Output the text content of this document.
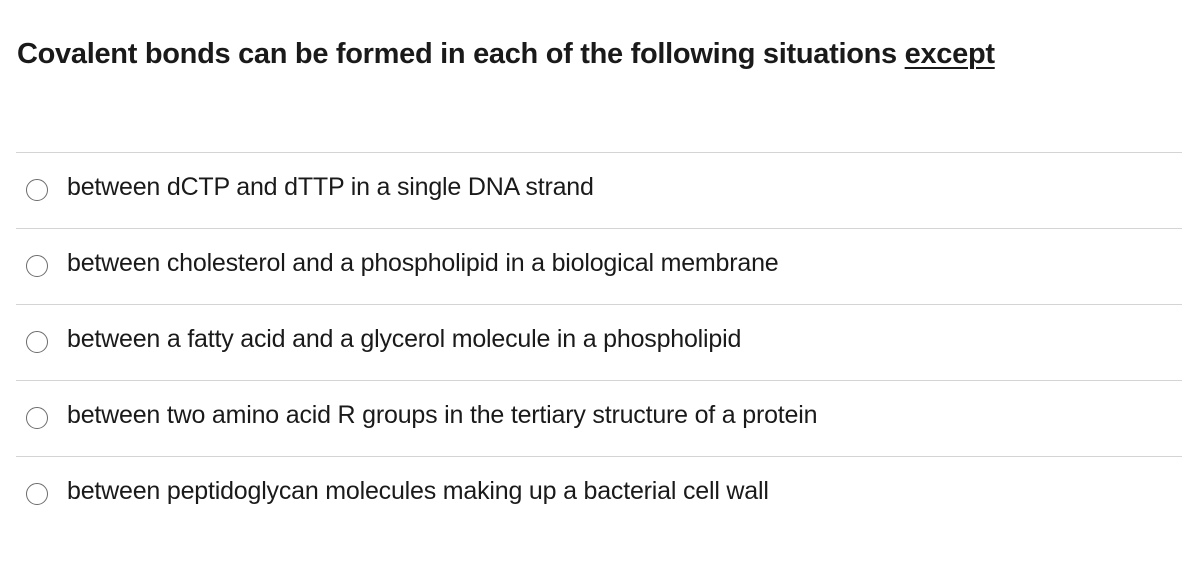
Covalent bonds can be formed in each of the following situations except
between dCTP and dTTP in a single DNA strand
between cholesterol and a phospholipid in a biological membrane
between a fatty acid and a glycerol molecule in a phospholipid
between two amino acid R groups in the tertiary structure of a protein
between peptidoglycan molecules making up a bacterial cell wall
